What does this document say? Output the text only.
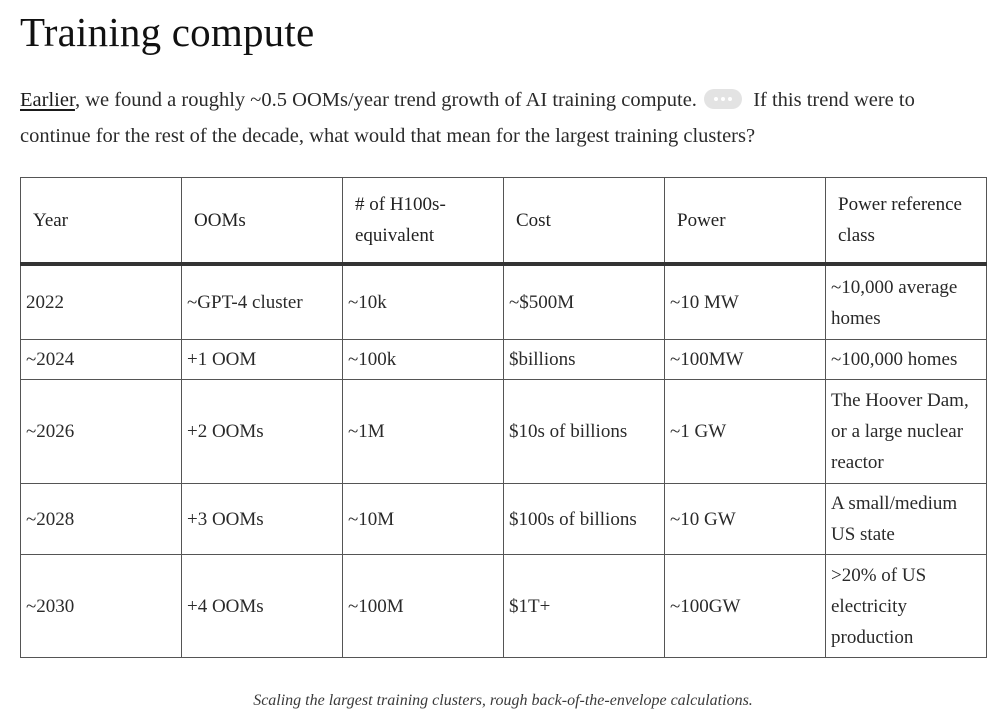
Training compute

Earlier, we found a roughly ~0.5 OOMs/year trend growth of AI training compute.	If this trend were to continue for the rest of the decade, what would that mean for the largest training clusters?

Year	OOMs	# of H100s-equivalent	Cost	Power	Power reference class
2022	~GPT-4 cluster	~10k	~$500M	~10 MW	~10,000 average homes
~2024	+1 OOM	~100k	$billions	~100MW	~100,000 homes
~2026	+2 OOMs	~1M	$10s of billions	~1 GW	The Hoover Dam, or a large nuclear reactor
~2028	+3 OOMs	~10M	$100s of billions	~10 GW	A small/medium US state
~2030	+4 OOMs	~100M	$1T+	~100GW	>20% of US electricity production
Scaling the largest training clusters, rough back-of-the-envelope calculations.
